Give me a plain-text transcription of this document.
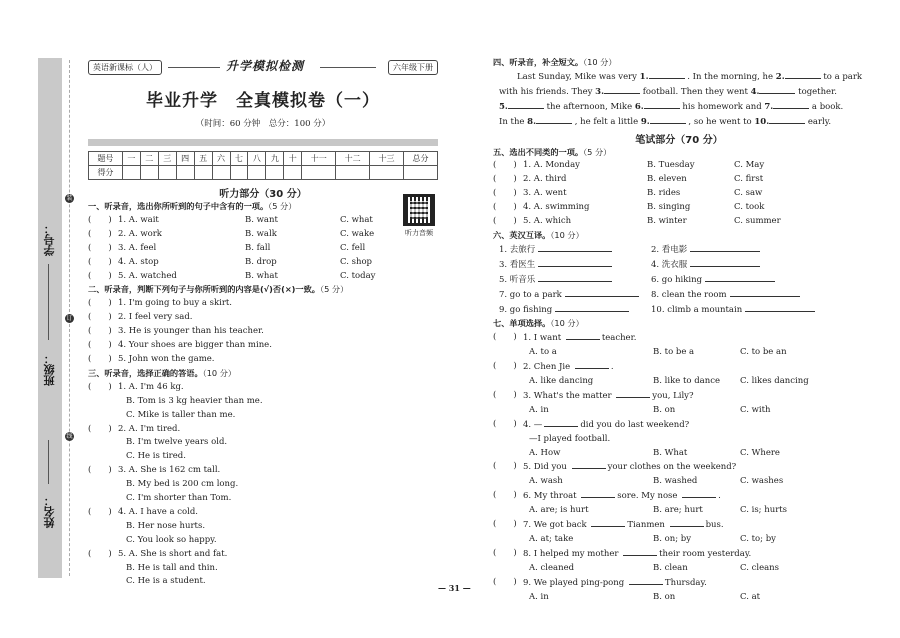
姓名：
班级：
学号：
装
订
线
英语新课标（人）	升学模拟检测	六年级下册
毕业升学　全真模拟卷（一）
（时间：60 分钟　总分：100 分）
题号	一	二	三	四	五	六	七	八	九	十	十一	十二	十三	总分
得分														
听力部分（30 分）
听力音频
一、听录音，选出你所听到的句子中含有的一项。（5 分）
(　　) 1. A. wait	B. want	C. what
(　　) 2. A. work	B. walk	C. wake
(　　) 3. A. feel	B. fall	C. fell
(　　) 4. A. stop	B. drop	C. shop
(　　) 5. A. watched	B. what	C. today
二、听录音，判断下列句子与你所听到的内容是(√)否(×)一致。（5 分）
(　　) 1. I'm going to buy a skirt.
(　　) 2. I feel very sad.
(　　) 3. He is younger than his teacher.
(　　) 4. Your shoes are bigger than mine.
(　　) 5. John won the game.
三、听录音，选择正确的答语。（10 分）
(　　) 1. A. I'm 46 kg.
B. Tom is 3 kg heavier than me.
C. Mike is taller than me.
(　　) 2. A. I'm tired.
B. I'm twelve years old.
C. He is tired.
(　　) 3. A. She is 162 cm tall.
B. My bed is 200 cm long.
C. I'm shorter than Tom.
(　　) 4. A. I have a cold.
B. Her nose hurts.
C. You look so happy.
(　　) 5. A. She is short and fat.
B. He is tall and thin.
C. He is a student.
四、听录音，补全短文。（10 分）
Last Sunday, Mike was very 1.	. In the morning, he 2.	to a park
with his friends. They 3.	football. Then they went 4.	together.
5.	the afternoon, Mike 6.	his homework and 7.	a book.
In the 8.	, he felt a little 9.	, so he went to 10.	early.
笔试部分（70 分）
五、选出不同类的一项。（5 分）
(　　) 1. A. Monday	B. Tuesday	C. May
(　　) 2. A. third	B. eleven	C. first
(　　) 3. A. went	B. rides	C. saw
(　　) 4. A. swimming	B. singing	C. took
(　　) 5. A. which	B. winter	C. summer
六、英汉互译。（10 分）
1. 去旅行	2. 看电影
3. 看医生	4. 洗衣服
5. 听音乐	6. go hiking
7. go to a park	8. clean the room
9. go fishing	10. climb a mountain
七、单项选择。（10 分）
(　　) 1. I want	teacher.
A. to a	B. to be a	C. to be an
(　　) 2. Chen Jie	.
A. like dancing	B. like to dance	C. likes dancing
(　　) 3. What's the matter	you, Lily?
A. in	B. on	C. with
(　　) 4. —	did you do last weekend?
—I played football.
A. How	B. What	C. Where
(　　) 5. Did you	your clothes on the weekend?
A. wash	B. washed	C. washes
(　　) 6. My throat	sore. My nose	.
A. are; is hurt	B. are; hurt	C. is; hurts
(　　) 7. We got back	Tianmen	bus.
A. at; take	B. on; by	C. to; by
(　　) 8. I helped my mother	their room yesterday.
A. cleaned	B. clean	C. cleans
(　　) 9. We played ping-pong	Thursday.
A. in	B. on	C. at
— 31 —
